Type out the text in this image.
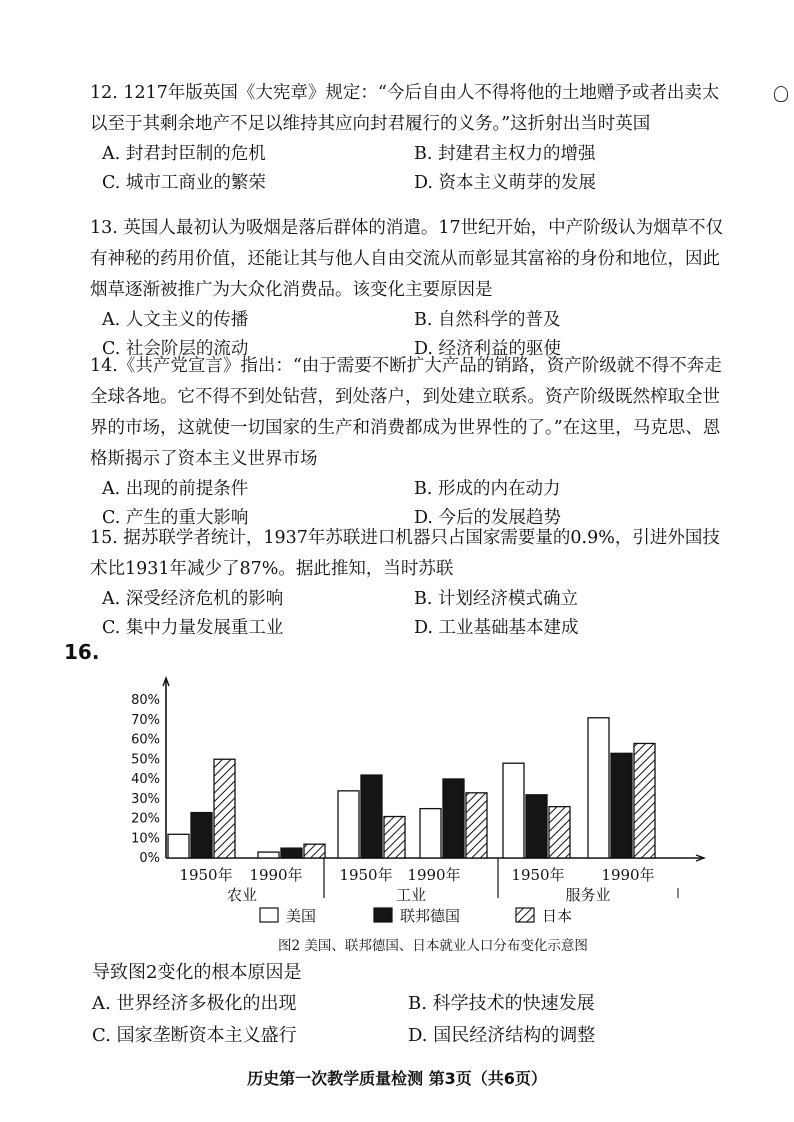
12. 1217年版英国《大宪章》规定：“今后自由人不得将他的土地赠予或者出卖太以至于其剩余地产不足以维持其应向封君履行的义务。”这折射出当时英国
A. 封君封臣制的危机	B. 封建君主权力的增强
C. 城市工商业的繁荣	D. 资本主义萌芽的发展
13. 英国人最初认为吸烟是落后群体的消遣。17世纪开始，中产阶级认为烟草不仅有神秘的药用价值，还能让其与他人自由交流从而彰显其富裕的身份和地位，因此烟草逐渐被推广为大众化消费品。该变化主要原因是
A. 人文主义的传播	B. 自然科学的普及
C. 社会阶层的流动	D. 经济利益的驱使
14.《共产党宣言》指出：“由于需要不断扩大产品的销路，资产阶级就不得不奔走全球各地。它不得不到处钻营，到处落户，到处建立联系。资产阶级既然榨取全世界的市场，这就使一切国家的生产和消费都成为世界性的了。”在这里，马克思、恩格斯揭示了资本主义世界市场
A. 出现的前提条件	B. 形成的内在动力
C. 产生的重大影响	D. 今后的发展趋势
15. 据苏联学者统计，1937年苏联进口机器只占国家需要量的0.9%，引进外国技术比1931年减少了87%。据此推知，当时苏联
A. 深受经济危机的影响	B. 计划经济模式确立
C. 集中力量发展重工业	D. 工业基础基本建成
16.
0%
10%
20%
30%
40%
50%
60%
70%
80%
1950年 1990年 1950年 1990年	1950年 1990年
农业	工业	服务业
美国	联邦德国	日本
图2 美国、联邦德国、日本就业人口分布变化示意图
导致图2变化的根本原因是
A. 世界经济多极化的出现	B. 科学技术的快速发展
C. 国家垄断资本主义盛行	D. 国民经济结构的调整
历史第一次教学质量检测 第3页（共6页）
